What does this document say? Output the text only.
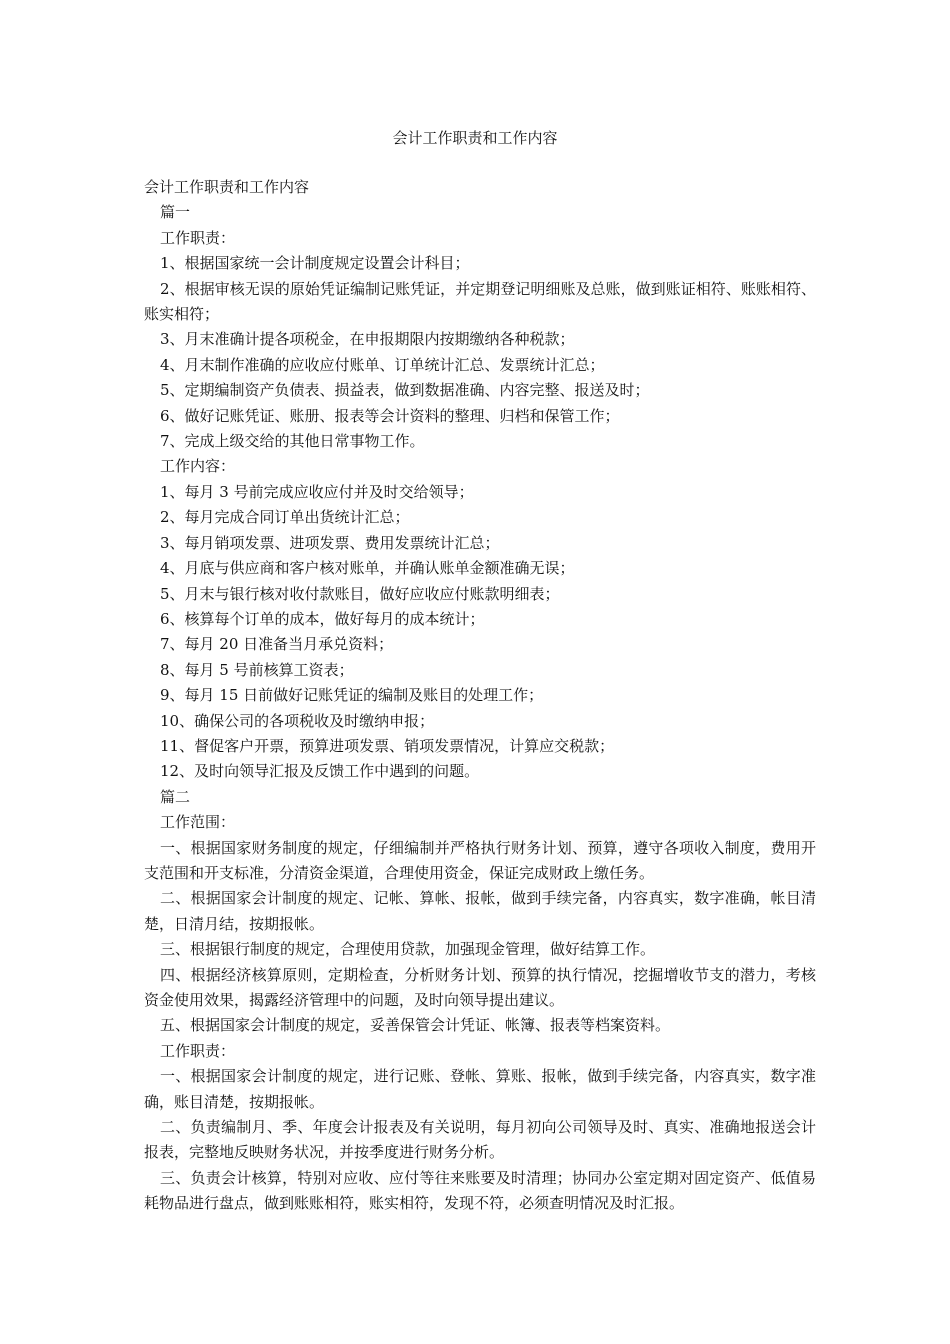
会计工作职责和工作内容
会计工作职责和工作内容
篇一
工作职责：
1、根据国家统一会计制度规定设置会计科目；
2、根据审核无误的原始凭证编制记账凭证，并定期登记明细账及总账，做到账证相符、账账相符、账实相符；
3、月末准确计提各项税金，在申报期限内按期缴纳各种税款；
4、月末制作准确的应收应付账单、订单统计汇总、发票统计汇总；
5、定期编制资产负债表、损益表，做到数据准确、内容完整、报送及时；
6、做好记账凭证、账册、报表等会计资料的整理、归档和保管工作；
7、完成上级交给的其他日常事物工作。
工作内容：
1、每月 3 号前完成应收应付并及时交给领导；
2、每月完成合同订单出货统计汇总；
3、每月销项发票、进项发票、费用发票统计汇总；
4、月底与供应商和客户核对账单，并确认账单金额准确无误；
5、月末与银行核对收付款账目，做好应收应付账款明细表；
6、核算每个订单的成本，做好每月的成本统计；
7、每月 20 日准备当月承兑资料；
8、每月 5 号前核算工资表；
9、每月 15 日前做好记账凭证的编制及账目的处理工作；
10、确保公司的各项税收及时缴纳申报；
11、督促客户开票，预算进项发票、销项发票情况，计算应交税款；
12、及时向领导汇报及反馈工作中遇到的问题。
篇二
工作范围：
一、根据国家财务制度的规定，仔细编制并严格执行财务计划、预算，遵守各项收入制度，费用开支范围和开支标准，分清资金渠道，合理使用资金，保证完成财政上缴任务。
二、根据国家会计制度的规定、记帐、算帐、报帐，做到手续完备，内容真实，数字准确，帐目清楚，日清月结，按期报帐。
三、根据银行制度的规定，合理使用贷款，加强现金管理，做好结算工作。
四、根据经济核算原则，定期检查，分析财务计划、预算的执行情况，挖掘增收节支的潜力，考核资金使用效果，揭露经济管理中的问题，及时向领导提出建议。
五、根据国家会计制度的规定，妥善保管会计凭证、帐簿、报表等档案资料。
工作职责：
一、根据国家会计制度的规定，进行记账、登帐、算账、报帐，做到手续完备，内容真实，数字准确，账目清楚，按期报帐。
二、负责编制月、季、年度会计报表及有关说明，每月初向公司领导及时、真实、准确地报送会计报表，完整地反映财务状况，并按季度进行财务分析。
三、负责会计核算，特别对应收、应付等往来账要及时清理；协同办公室定期对固定资产、低值易耗物品进行盘点，做到账账相符，账实相符，发现不符，必须查明情况及时汇报。
